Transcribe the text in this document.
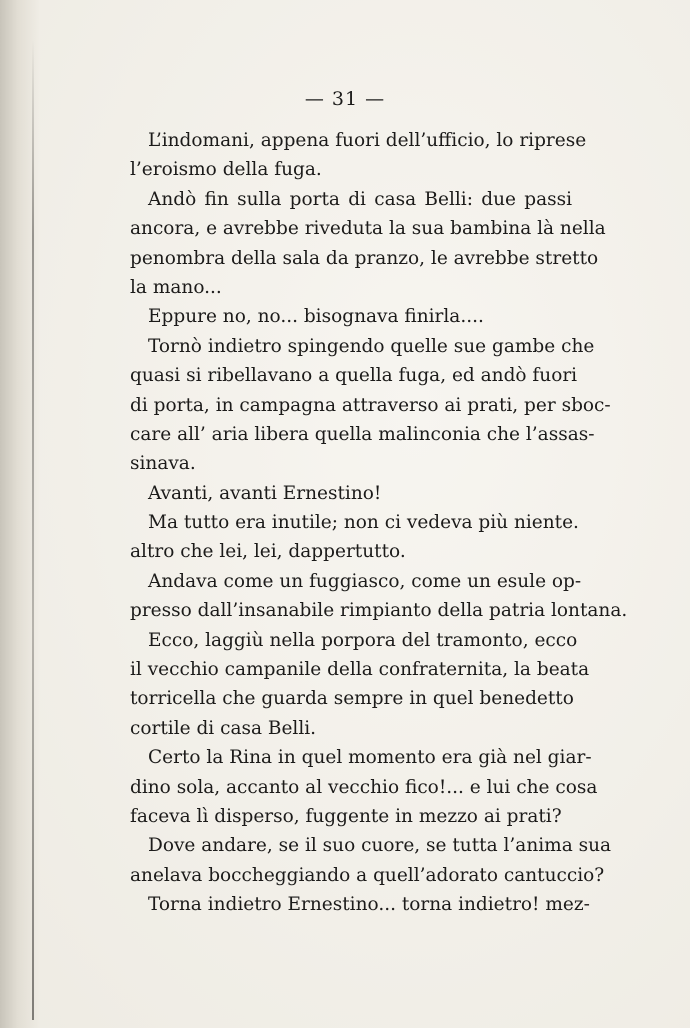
— 31 —
L’indomani, appena fuori dell’ufficio, lo riprese
l’eroismo della fuga.
Andò fin sulla porta di casa Belli: due passi
ancora, e avrebbe riveduta la sua bambina là nella
penombra della sala da pranzo, le avrebbe stretto
la mano...
Eppure no, no... bisognava finirla....
Tornò indietro spingendo quelle sue gambe che
quasi si ribellavano a quella fuga, ed andò fuori
di porta, in campagna attraverso ai prati, per sboc-
care all’ aria libera quella malinconia che l’assas-
sinava.
Avanti, avanti Ernestino!
Ma tutto era inutile; non ci vedeva più niente.
altro che lei, lei, dappertutto.
Andava come un fuggiasco, come un esule op-
presso dall’insanabile rimpianto della patria lontana.
Ecco, laggiù nella porpora del tramonto, ecco
il vecchio campanile della confraternita, la beata
torricella che guarda sempre in quel benedetto
cortile di casa Belli.
Certo la Rina in quel momento era già nel giar-
dino sola, accanto al vecchio fico!... e lui che cosa
faceva lì disperso, fuggente in mezzo ai prati?
Dove andare, se il suo cuore, se tutta l’anima sua
anelava boccheggiando a quell’adorato cantuccio?
Torna indietro Ernestino... torna indietro! mez-
